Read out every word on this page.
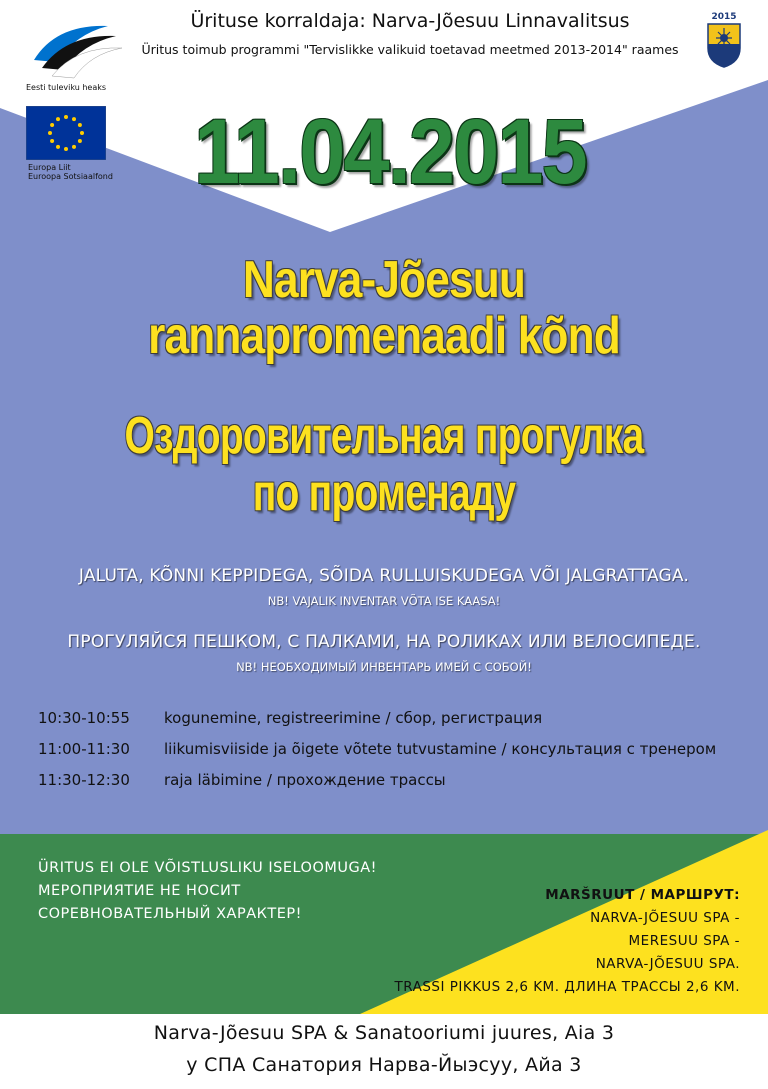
Eesti tuleviku heaks
2015
Europa Liit
Euroopa Sotsiaalfond
Ürituse korraldaja: Narva-Jõesuu Linnavalitsus
Üritus toimub programmi "Tervislikke valikuid toetavad meetmed 2013-2014" raames
11.04.2015
Narva-Jõesuu
rannapromenaadi kõnd
Оздоровительная прогулка
по променаду
JALUTA, KÕNNI KEPPIDEGA, SÕIDA RULLUISKUDEGA VÕI JALGRATTAGA.
NB! VAJALIK INVENTAR VÕTA ISE KAASA!
ПРОГУЛЯЙСЯ ПЕШКОМ, С ПАЛКАМИ, НА РОЛИКАХ ИЛИ ВЕЛОСИПЕДЕ.
NB! НЕОБХОДИМЫЙ ИНВЕНТАРЬ ИМЕЙ С СОБОЙ!
10:30-10:55 kogunemine, registreerimine / сбор, регистрация
11:00-11:30 liikumisviiside ja õigete võtete tutvustamine / консультация с тренером
11:30-12:30 raja läbimine / прохождение трассы
ÜRITUS EI OLE VÕISTLUSLIKU ISELOOMUGA!
МЕРОПРИЯТИЕ НЕ НОСИТ
СОРЕВНОВАТЕЛЬНЫЙ ХАРАКТЕР!
MARŠRUUT / МАРШРУТ:
NARVA-JÕESUU SPA -
MERESUU SPA -
NARVA-JÕESUU SPA.
TRASSI PIKKUS 2,6 KM. ДЛИНА ТРАССЫ 2,6 KM.
Narva-Jõesuu SPA & Sanatooriumi juures, Aia 3
у СПА Санатория Нарва-Йыэсуу, Айа 3
